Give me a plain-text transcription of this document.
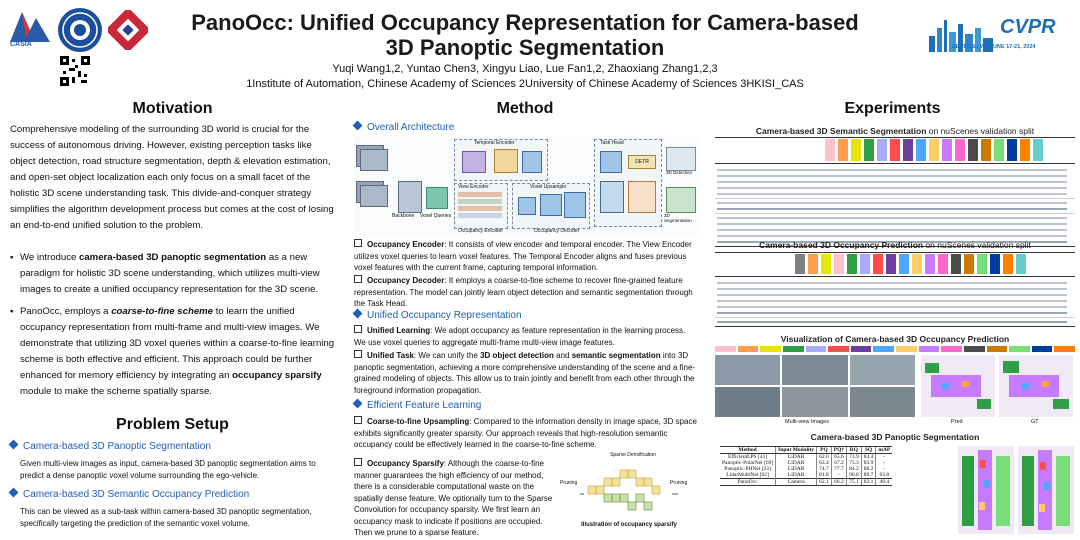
CASIA
PanoOcc: Unified Occupancy Representation for Camera-based
3D Panoptic Segmentation
Yuqi Wang1,2, Yuntao Chen3, Xingyu Liao, Lue Fan1,2, Zhaoxiang Zhang1,2,3
1Institute of Automation, Chinese Academy of Sciences 2University of Chinese Academy of Sciences 3HKISI_CAS
CVPR
SEATTLE, WA JUNE 17-21, 2024
Motivation
Comprehensive modeling of the surrounding 3D world is crucial for the success of autonomous driving. However, existing perception tasks like object detection, road structure segmentation, depth & elevation estimation, and open-set object localization each only focus on a small facet of the holistic 3D scene understanding task. This divide-and-conquer strategy simplifies the algorithm development process but comes at the cost of losing an end-to-end unified solution to the problem.
▪ We introduce camera-based 3D panoptic segmentation as a new paradigm for holistic 3D scene understanding, which utilizes multi-view images to create a unified occupancy representation for the 3D scene.
▪ PanoOcc, employs a coarse-to-fine scheme to learn the unified occupancy representation from multi-frame and multi-view images. We demonstrate that utilizing 3D voxel queries within a coarse-to-fine learning scheme is both effective and efficient. This approach could be further enhanced for memory efficiency by integrating an occupancy sparsify module to make the scheme spatially sparse.
Problem Setup
Camera-based 3D Panoptic Segmentation
Given multi-view images as input, camera-based 3D panoptic segmentation aims to predict a dense panoptic voxel volume surrounding the ego-vehicle.
Camera-based 3D Semantic Occupancy Prediction
This can be viewed as a sub-task within camera-based 3D panoptic segmentation, specifically targeting the prediction of the semantic voxel volume.
Method
Overall Architecture
Backbone Voxel Queries
Temporal Encoder
View Encoder
Occupancy Encoder
Voxel Upsample
Occupancy Decoder
Task Head
DETR
3D Detection
3D Segmentation
Occupancy Encoder: It consists of view encoder and temporal encoder. The View Encoder utilizes voxel queries to learn voxel features. The Temporal Encoder aligns and fuses previous voxel features with the current frame, capturing temporal information.
Occupancy Decoder: It employs a coarse-to-fine scheme to recover fine-grained feature representation. The model can jointly learn object detection and semantic segmentation through the Task Head.
Unified Occupancy Representation
Unified Learning: We adopt occupancy as feature representation in the learning process. We use voxel queries to aggregate multi-frame multi-view image features.
Unified Task: We can unify the 3D object detection and semantic segmentation into 3D panoptic segmentation, achieving a more comprehensive understanding of the scene and a fine-grained modeling of objects. This allow us to train jointly and benefit from each other through the foreground information propagation.
Efficient Feature Learning
Coarse-to-fine Upsampling: Compared to the information density in image space, 3D space exhibits significantly greater sparsity. Our approach reveals that high-resolution semantic occupancy could be effectively learned in the coarse-to-fine scheme.
Occupancy Sparsify: Although the coarse-to-fine manner guarantees the high efficiency of our method, there is a considerable computational waste on the spatially dense feature. We optionally turn to the Sparse Convolution for occupancy sparsity. We first learn an occupancy mask to indicate if positions are occupied. Then we prune to a sparse feature.
Sparse Densification
Pruning	Pruning
Illustration of occupancy sparsify
Experiments
Camera-based 3D Semantic Segmentation on nuScenes validation split
Camera-based 3D Occupancy Prediction on nuScenes validation split
Visualization of Camera-based 3D Occupancy Prediction
Multi-view Images	Pred	GT
Camera-based 3D Panoptic Segmentation
Method	Input Modality	PQ	PQ†	RQ	SQ	mAP
EfficientLPS [43]	LiDAR	62.0	65.6	73.9	83.4	-
Panoptic-PolarNet [69]	LiDAR	63.4	67.2	75.3	83.9	-
Panoptic-PHNet [23]	LiDAR	74.7	77.7	84.2	88.2	-
LidarMultiNet [62]	LiDAR	81.8	-	90.8	89.7	63.8
PanoOcc	Camera	62.1	66.2	75.1	82.1	48.4
